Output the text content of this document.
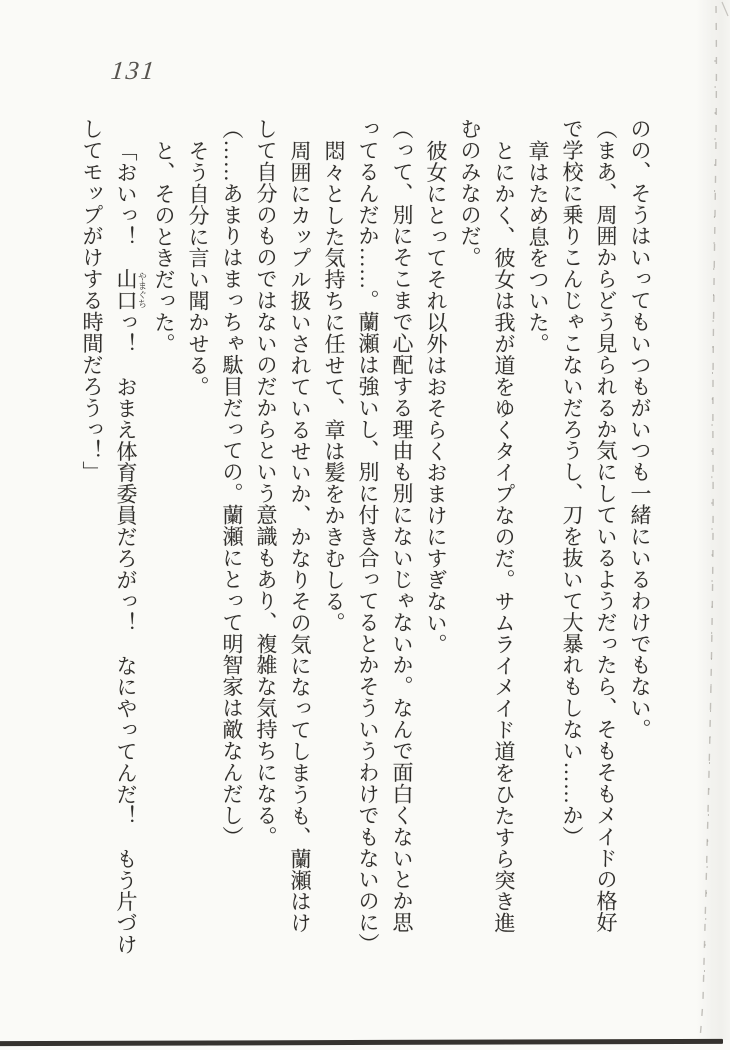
131
のの、そうはいってもいつもがいつも一緒にいるわけでもない。
（まあ、周囲からどう見られるか気にしているようだったら、そもそもメイドの格好
で学校に乗りこんじゃこないだろうし、刀を抜いて大暴れもしない……か）
章はため息をついた。
とにかく、彼女は我が道をゆくタイプなのだ。サムライメイド道をひたすら突き進
むのみなのだ。
彼女にとってそれ以外はおそらくおまけにすぎない。
（って、別にそこまで心配する理由も別にないじゃないか。なんで面白くないとか思
ってるんだか……。蘭瀬は強いし、別に付き合ってるとかそういうわけでもないのに）
悶々とした気持ちに任せて、章は髪をかきむしる。
周囲にカップル扱いされているせいか、かなりその気になってしまうも、蘭瀬はけ
して自分のものではないのだからという意識もあり、複雑な気持ちになる。
（……あまりはまっちゃ駄目だっての。蘭瀬にとって明智家は敵なんだし）
そう自分に言い聞かせる。
と、そのときだった。
「おいっ！　山口 やまぐちっ！　おまえ体育委員だろがっ！　なにやってんだ！　もう片づけ
してモップがけする時間だろうっ！」
